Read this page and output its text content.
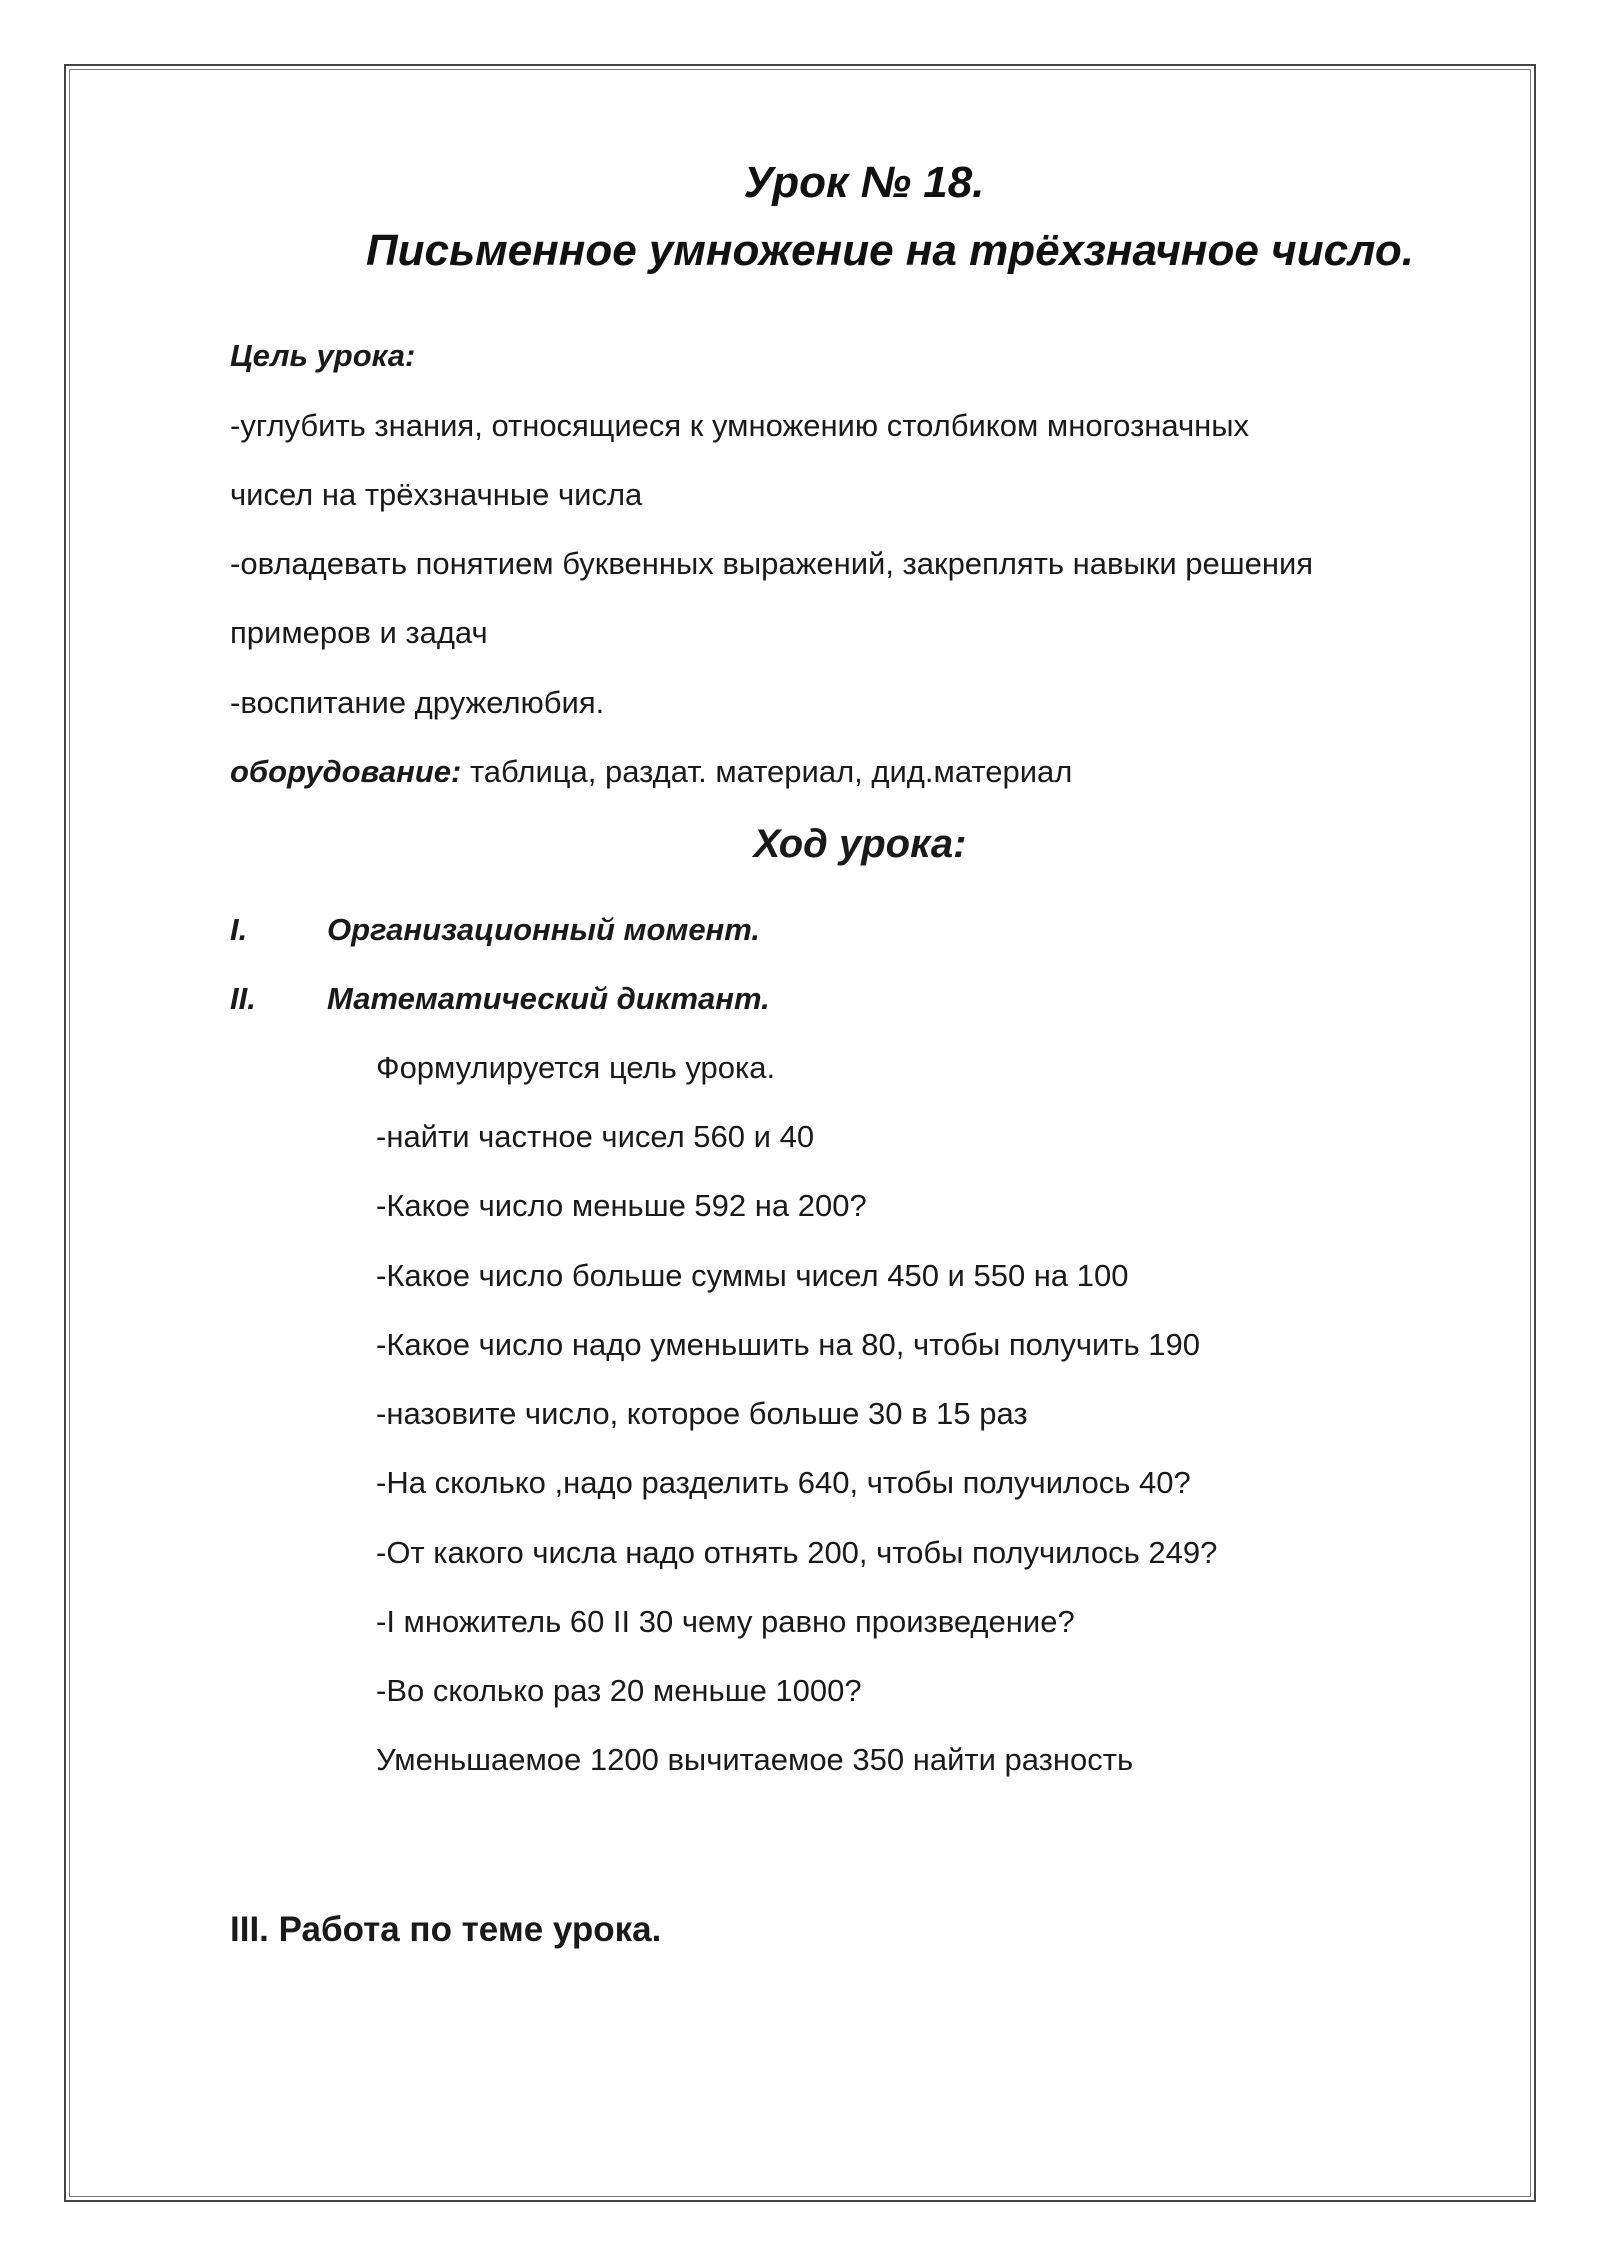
Урок № 18.
Письменное умножение на трёхзначное число.
Цель урока:
-углубить знания, относящиеся к умножению столбиком многозначных
чисел на трёхзначные числа
-овладевать понятием буквенных выражений, закреплять навыки решения
примеров и задач
-воспитание дружелюбия.
оборудование: таблица, раздат. материал, дид.материал
Ход урока:
I.	Организационный момент.
II. Математический диктант.
Формулируется цель урока.
-найти частное чисел 560 и 40
-Какое число меньше 592 на 200?
-Какое число больше суммы чисел 450 и 550 на 100
-Какое число надо уменьшить на 80, чтобы получить 190
-назовите число, которое больше 30 в 15 раз
-На сколько ,надо разделить 640, чтобы получилось 40?
-От какого числа надо отнять 200, чтобы получилось 249?
-I множитель 60 II 30 чему равно произведение?
-Во сколько раз 20 меньше 1000?
Уменьшаемое 1200 вычитаемое 350 найти разность
III. Работа по теме урока.
